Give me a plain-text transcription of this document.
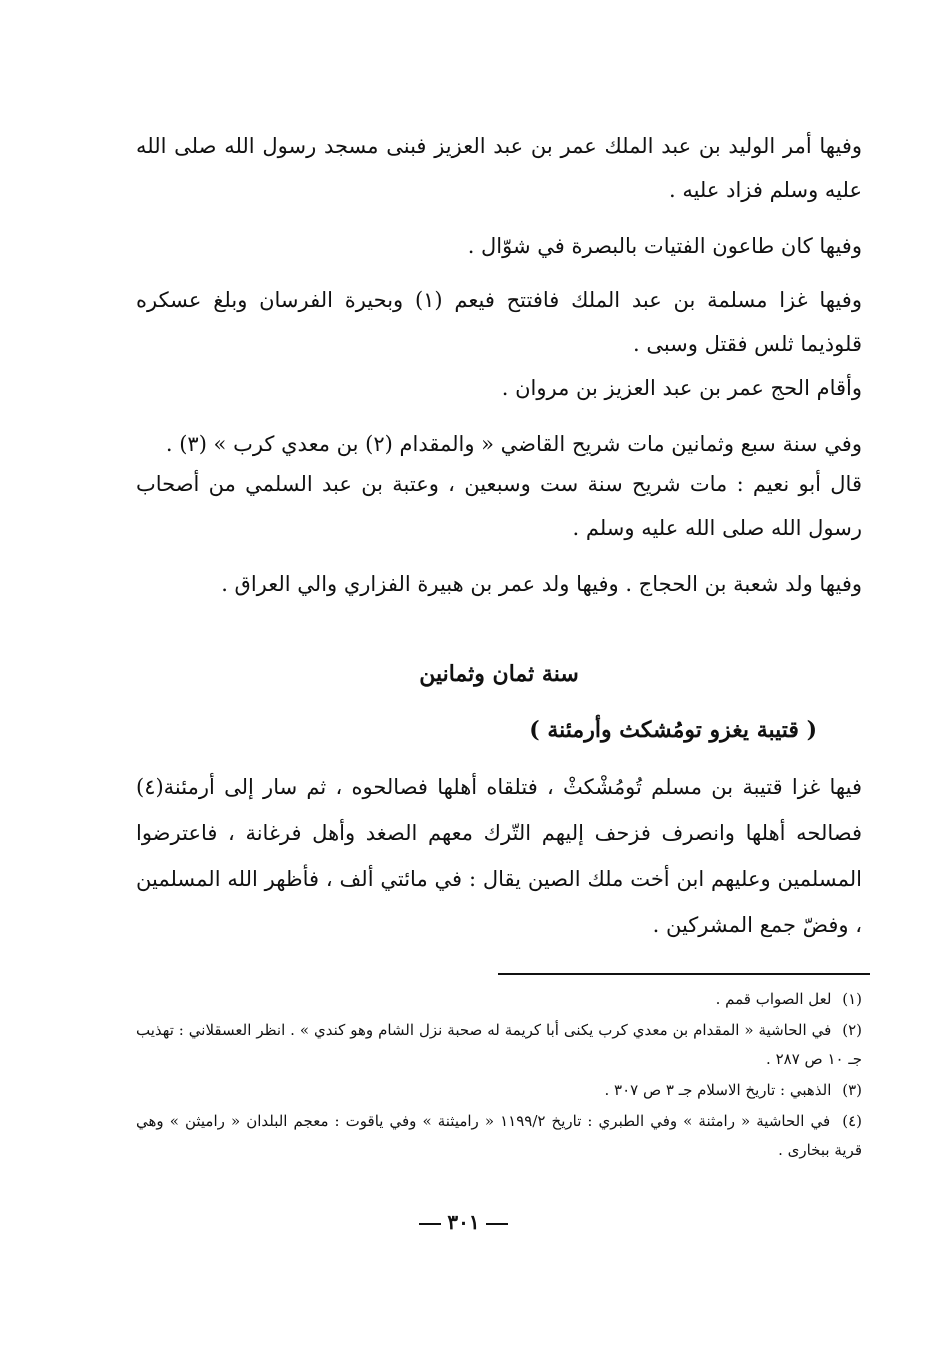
وفيها أمر الوليد بن عبد الملك عمر بن عبد العزيز فبنى مسجد رسول الله صلى الله عليه وسلم فزاد عليه .

وفيها كان طاعون الفتيات بالبصرة في شوّال .

وفيها غزا مسلمة بن عبد الملك فافتتح فيعم (١) وبحيرة الفرسان وبلغ عسكره قلوذيما ثلس فقتل وسبى .

وأقام الحج عمر بن عبد العزيز بن مروان .

وفي سنة سبع وثمانين مات شريح القاضي « والمقدام (٢) بن معدي كرب » (٣) .

قال أبو نعيم : مات شريح سنة ست وسبعين ، وعتبة بن عبد السلمي من أصحاب رسول الله صلى الله عليه وسلم .

وفيها ولد شعبة بن الحجاج . وفيها ولد عمر بن هبيرة الفزاري والي العراق .

سنة ثمان وثمانين
( قتيبة يغزو تومُشكث وأرمئنة )

فيها غزا قتيبة بن مسلم تُومُشْكثْ ، فتلقاه أهلها فصالحوه ، ثم سار إلى أرمئنة(٤) فصالحه أهلها وانصرف فزحف إليهم التّرك معهم الصغد وأهل فرغانة ، فاعترضوا المسلمين وعليهم ابن أخت ملك الصين يقال : في مائتي ألف ، فأظهر الله المسلمين ، وفضّ جمع المشركين .

(١) لعل الصواب قمم .

(٢) في الحاشية « المقدام بن معدي كرب يكنى أبا كريمة له صحبة نزل الشام وهو كندي » . انظر العسقلاني : تهذيب جـ ١٠ ص ٢٨٧ .

(٣) الذهبي : تاريخ الاسلام جـ ٣ ص ٣٠٧ .

(٤) في الحاشية « رامثنة » وفي الطبري : تاريخ ١١٩٩/٢ « راميثنة » وفي ياقوت : معجم البلدان « راميثن » وهي قرية ببخارى .

٣٠١
